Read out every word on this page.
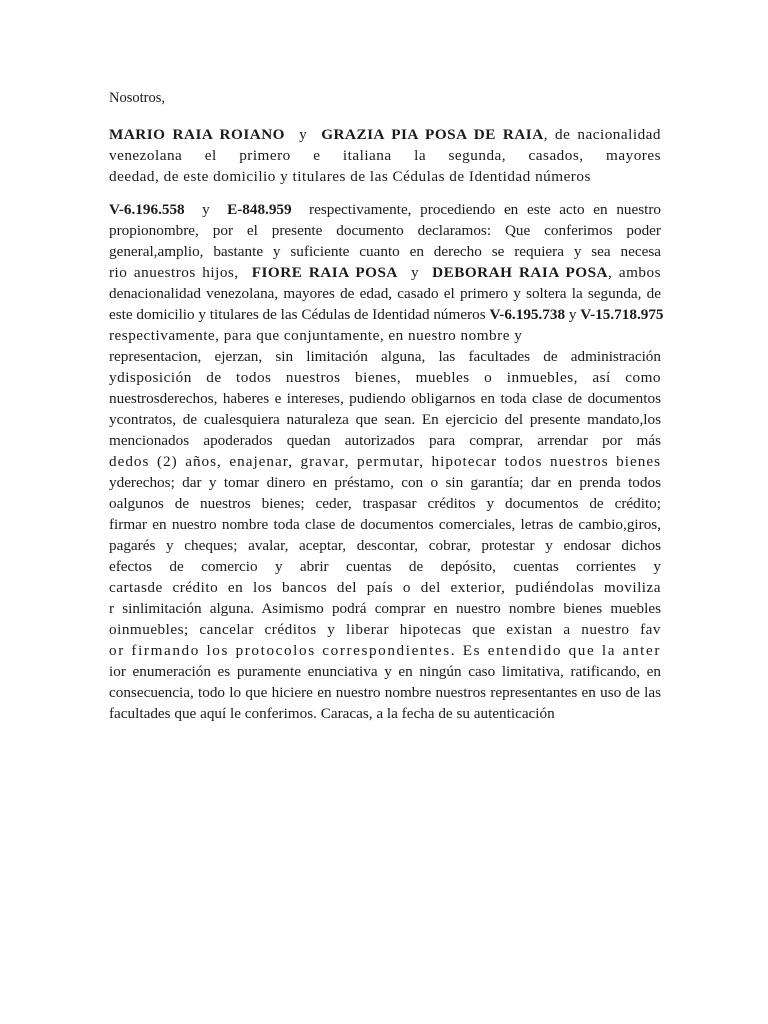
Nosotros,
MARIO RAIA ROIANO y GRAZIA PIA POSA DE RAIA, de nacionalidad
venezolana el primero e italiana la segunda, casados, mayores
deedad, de este domicilio y titulares de las Cédulas de Identidad números
V-6.196.558 y E-848.959 respectivamente, procediendo en este acto en nuestro
propionombre, por el presente documento declaramos: Que conferimos poder
general,amplio, bastante y suficiente cuanto en derecho se requiera y sea necesa
rio anuestros hijos, FIORE RAIA POSA y DEBORAH RAIA POSA, ambos
denacionalidad venezolana, mayores de edad, casado el primero y soltera la segunda, de
este domicilio y titulares de las Cédulas de Identidad números V-6.195.738 y V-15.718.975
respectivamente, para que conjuntamente, en nuestro nombre y
representacion, ejerzan, sin limitación alguna, las facultades de administración
ydisposición de todos nuestros bienes, muebles o inmuebles, así como
nuestrosderechos, haberes e intereses, pudiendo obligarnos en toda clase de documentos
ycontratos, de cualesquiera naturaleza que sean. En ejercicio del presente mandato,los
mencionados apoderados quedan autorizados para comprar, arrendar por más
dedos (2) años, enajenar, gravar, permutar, hipotecar todos nuestros bienes
yderechos; dar y tomar dinero en préstamo, con o sin garantía; dar en prenda todos
oalgunos de nuestros bienes; ceder, traspasar créditos y documentos de crédito;
firmar en nuestro nombre toda clase de documentos comerciales, letras de cambio,giros,
pagarés y cheques; avalar, aceptar, descontar, cobrar, protestar y endosar dichos
efectos de comercio y abrir cuentas de depósito, cuentas corrientes y
cartasde crédito en los bancos del país o del exterior, pudiéndolas moviliza
r sinlimitación alguna. Asimismo podrá comprar en nuestro nombre bienes muebles
oinmuebles; cancelar créditos y liberar hipotecas que existan a nuestro fav
or firmando los protocolos correspondientes. Es entendido que la anter
ior enumeración es puramente enunciativa y en ningún caso limitativa, ratificando, en
consecuencia, todo lo que hiciere en nuestro nombre nuestros representantes en uso de las
facultades que aquí le conferimos. Caracas, a la fecha de su autenticación
